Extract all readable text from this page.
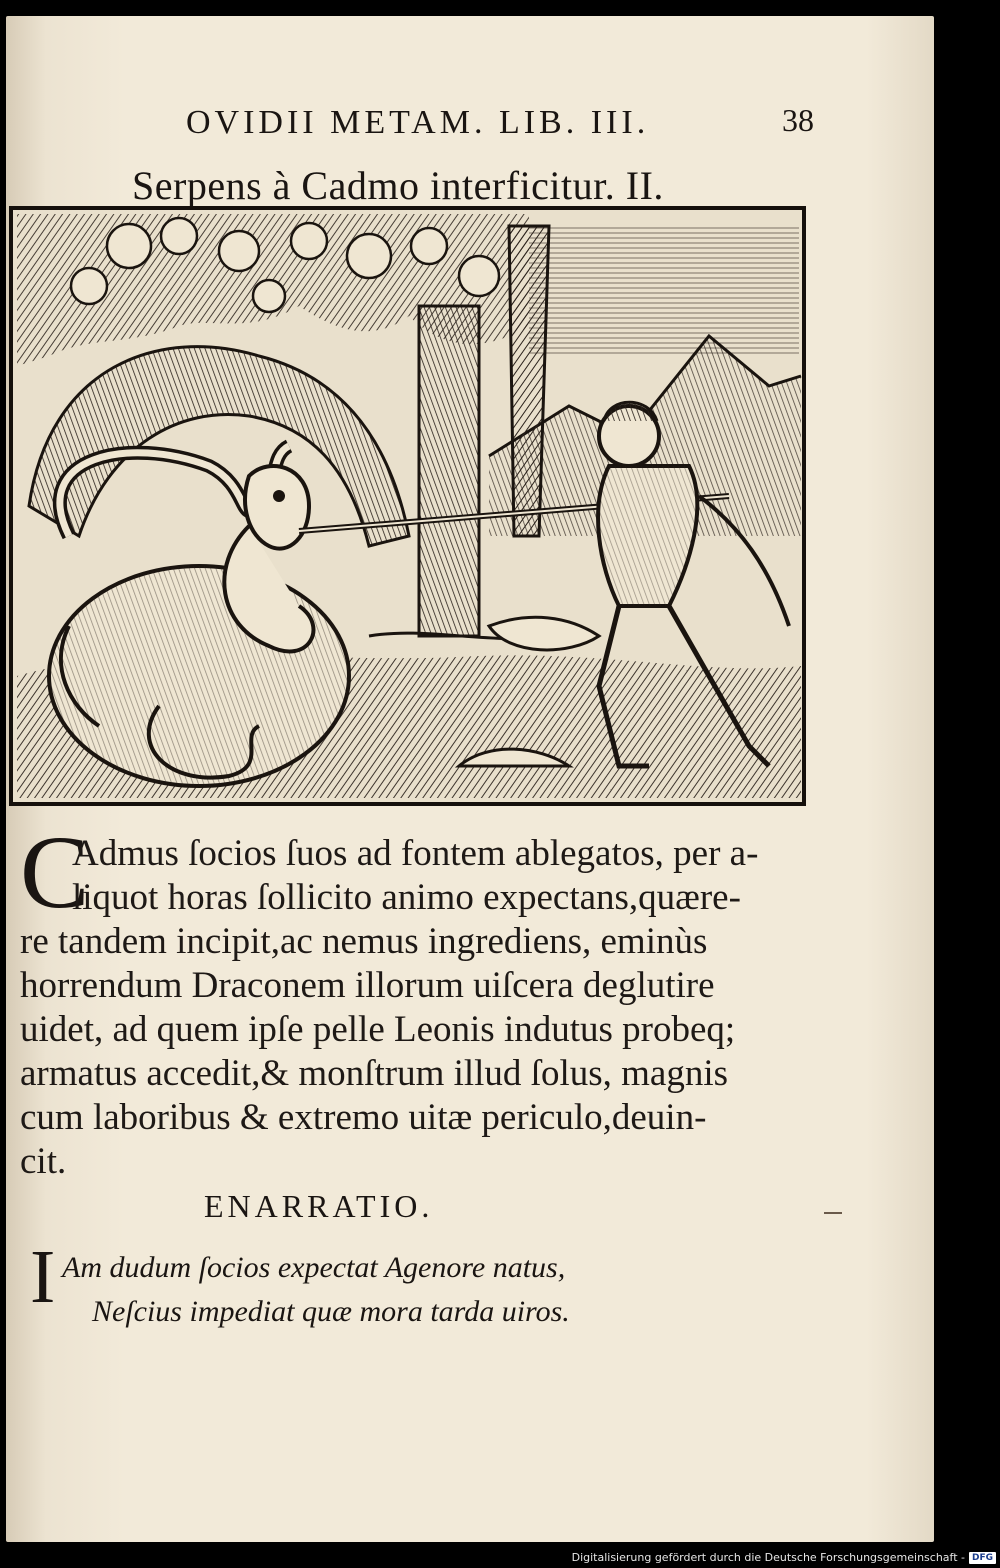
OVIDII METAM. LIB. III.	38
Serpens à Cadmo interficitur. II.
C
Admus ſocios ſuos ad fontem ablegatos, per a-
liquot horas ſollicito animo expectans,quære-
re tandem incipit,ac nemus ingrediens, eminùs
horrendum Draconem illorum uiſcera deglutire
uidet, ad quem ipſe pelle Leonis indutus probeq;
armatus accedit,& monſtrum illud ſolus, magnis
cum laboribus & extremo uitæ periculo,deuin-
cit.
ENARRATIO.
I Am dudum ſocios expectat Agenore natus,
Neſcius impediat quæ mora tarda uiros.
Digitalisierung gefördert durch die Deutsche Forschungsgemeinschaft - DFG
